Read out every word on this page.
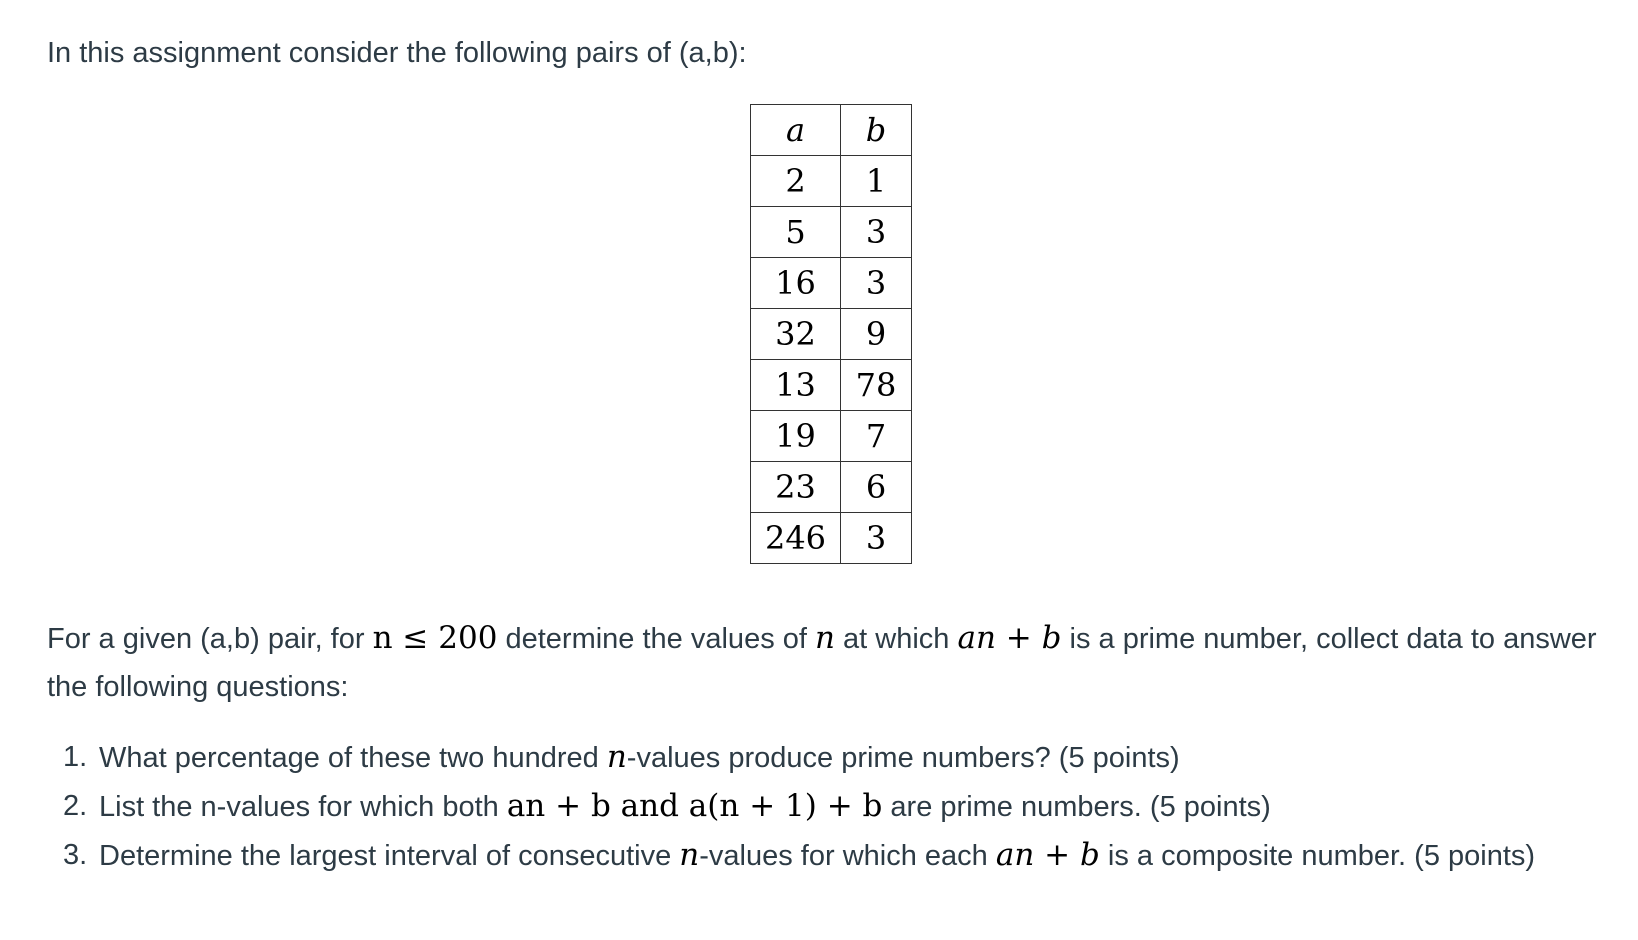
In this assignment consider the following pairs of (a,b):
a	b
2	1
5	3
16	3
32	9
13	78
19	7
23	6
246	3
For a given (a,b) pair, for n ≤ 200 determine the values of n at which an + b is a prime number, collect data to answer the following questions:
1. What percentage of these two hundred n-values produce prime numbers? (5 points)
2. List the n-values for which both an + b and a(n + 1) + b are prime numbers. (5 points)
3. Determine the largest interval of consecutive n-values for which each an + b is a composite number. (5 points)
